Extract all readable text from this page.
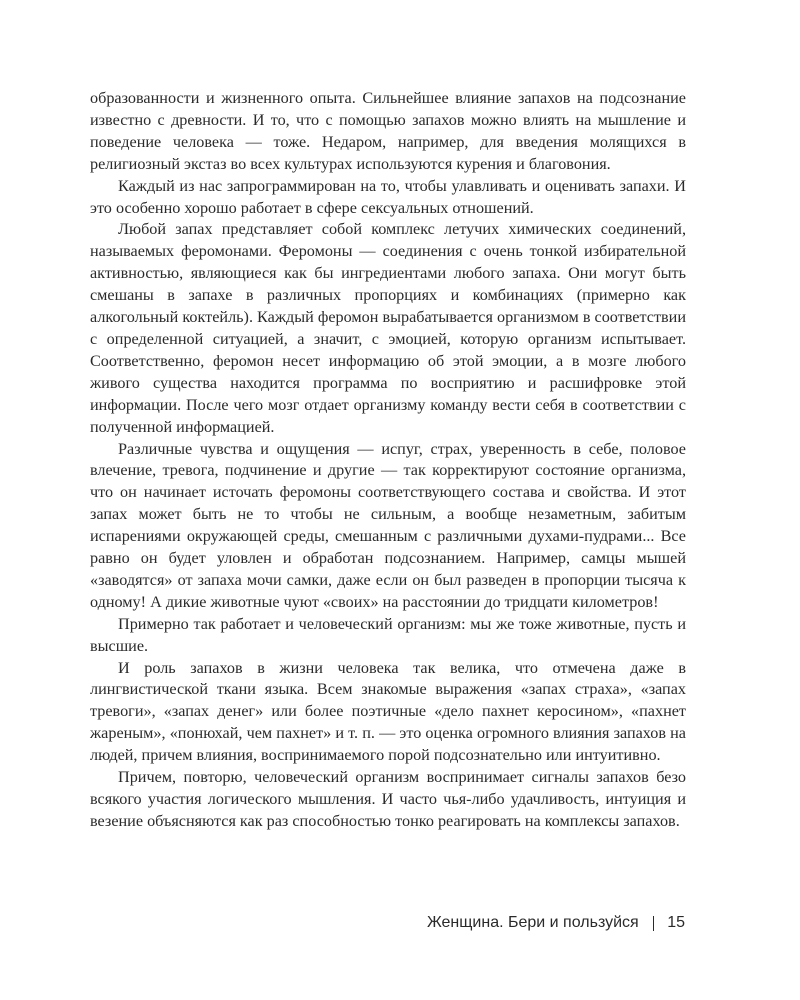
образованности и жизненного опыта. Сильнейшее влияние запахов на подсознание известно с древности. И то, что с помощью запахов можно влиять на мышление и поведение человека — тоже. Недаром, например, для введения молящихся в религиозный экстаз во всех культурах используются курения и благовония.

Каждый из нас запрограммирован на то, чтобы улавливать и оценивать запахи. И это особенно хорошо работает в сфере сексуальных отношений.

Любой запах представляет собой комплекс летучих химических соединений, называемых феромонами. Феромоны — соединения с очень тонкой избирательной активностью, являющиеся как бы ингредиентами любого запаха. Они могут быть смешаны в запахе в различных пропорциях и комбинациях (примерно как алкогольный коктейль). Каждый феромон вырабатывается организмом в соответствии с определенной ситуацией, а значит, с эмоцией, которую организм испытывает. Соответственно, феромон несет информацию об этой эмоции, а в мозге любого живого существа находится программа по восприятию и расшифровке этой информации. После чего мозг отдает организму команду вести себя в соответствии с полученной информацией.

Различные чувства и ощущения — испуг, страх, уверенность в себе, половое влечение, тревога, подчинение и другие — так корректируют состояние организма, что он начинает источать феромоны соответствующего состава и свойства. И этот запах может быть не то чтобы не сильным, а вообще незаметным, забитым испарениями окружающей среды, смешанным с различными духами-пудрами... Все равно он будет уловлен и обработан подсознанием. Например, самцы мышей «заводятся» от запаха мочи самки, даже если он был разведен в пропорции тысяча к одному! А дикие животные чуют «своих» на расстоянии до тридцати километров!

Примерно так работает и человеческий организм: мы же тоже животные, пусть и высшие.

И роль запахов в жизни человека так велика, что отмечена даже в лингвистической ткани языка. Всем знакомые выражения «запах страха», «запах тревоги», «запах денег» или более поэтичные «дело пахнет керосином», «пахнет жареным», «понюхай, чем пахнет» и т. п. — это оценка огромного влияния запахов на людей, причем влияния, воспринимаемого порой подсознательно или интуитивно.

Причем, повторю, человеческий организм воспринимает сигналы запахов безо всякого участия логического мышления. И часто чья-либо удачливость, интуиция и везение объясняются как раз способностью тонко реагировать на комплексы запахов.

Женщина. Бери и пользуйся 15
